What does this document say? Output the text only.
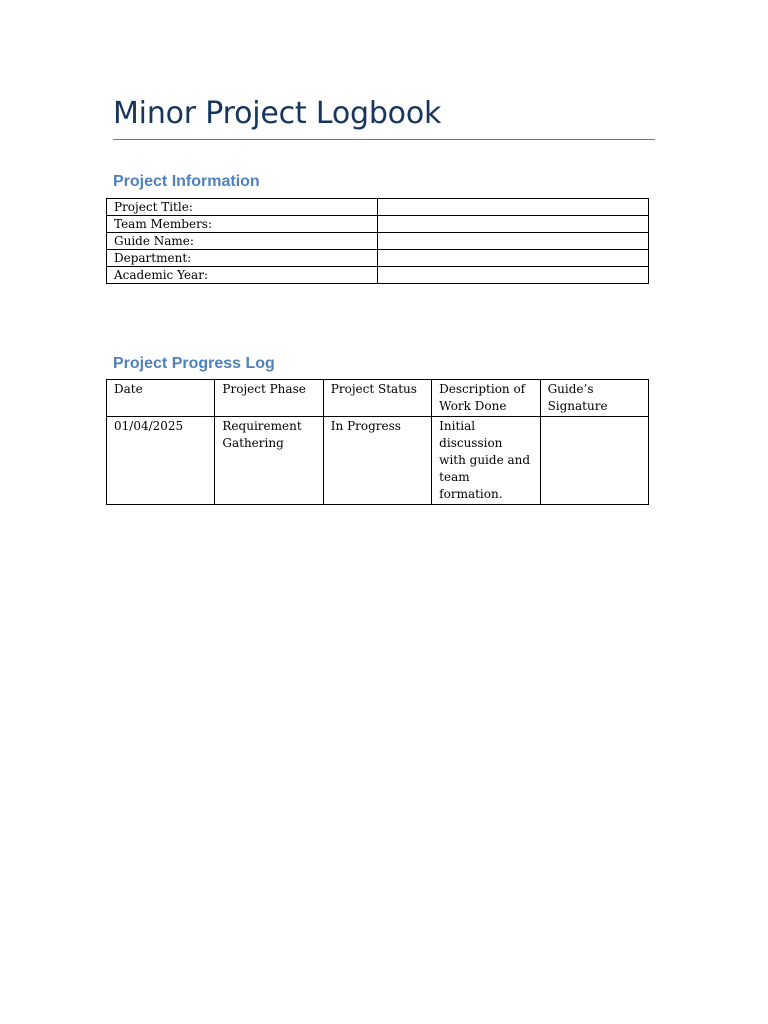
Minor Project Logbook
Project Information
Project Title:	
Team Members:	
Guide Name:	
Department:	
Academic Year:	
Project Progress Log
Date	Project Phase	Project Status	Description of Work Done	Guide’s Signature
01/04/2025	Requirement Gathering	In Progress	Initial discussion with guide and team formation.	
